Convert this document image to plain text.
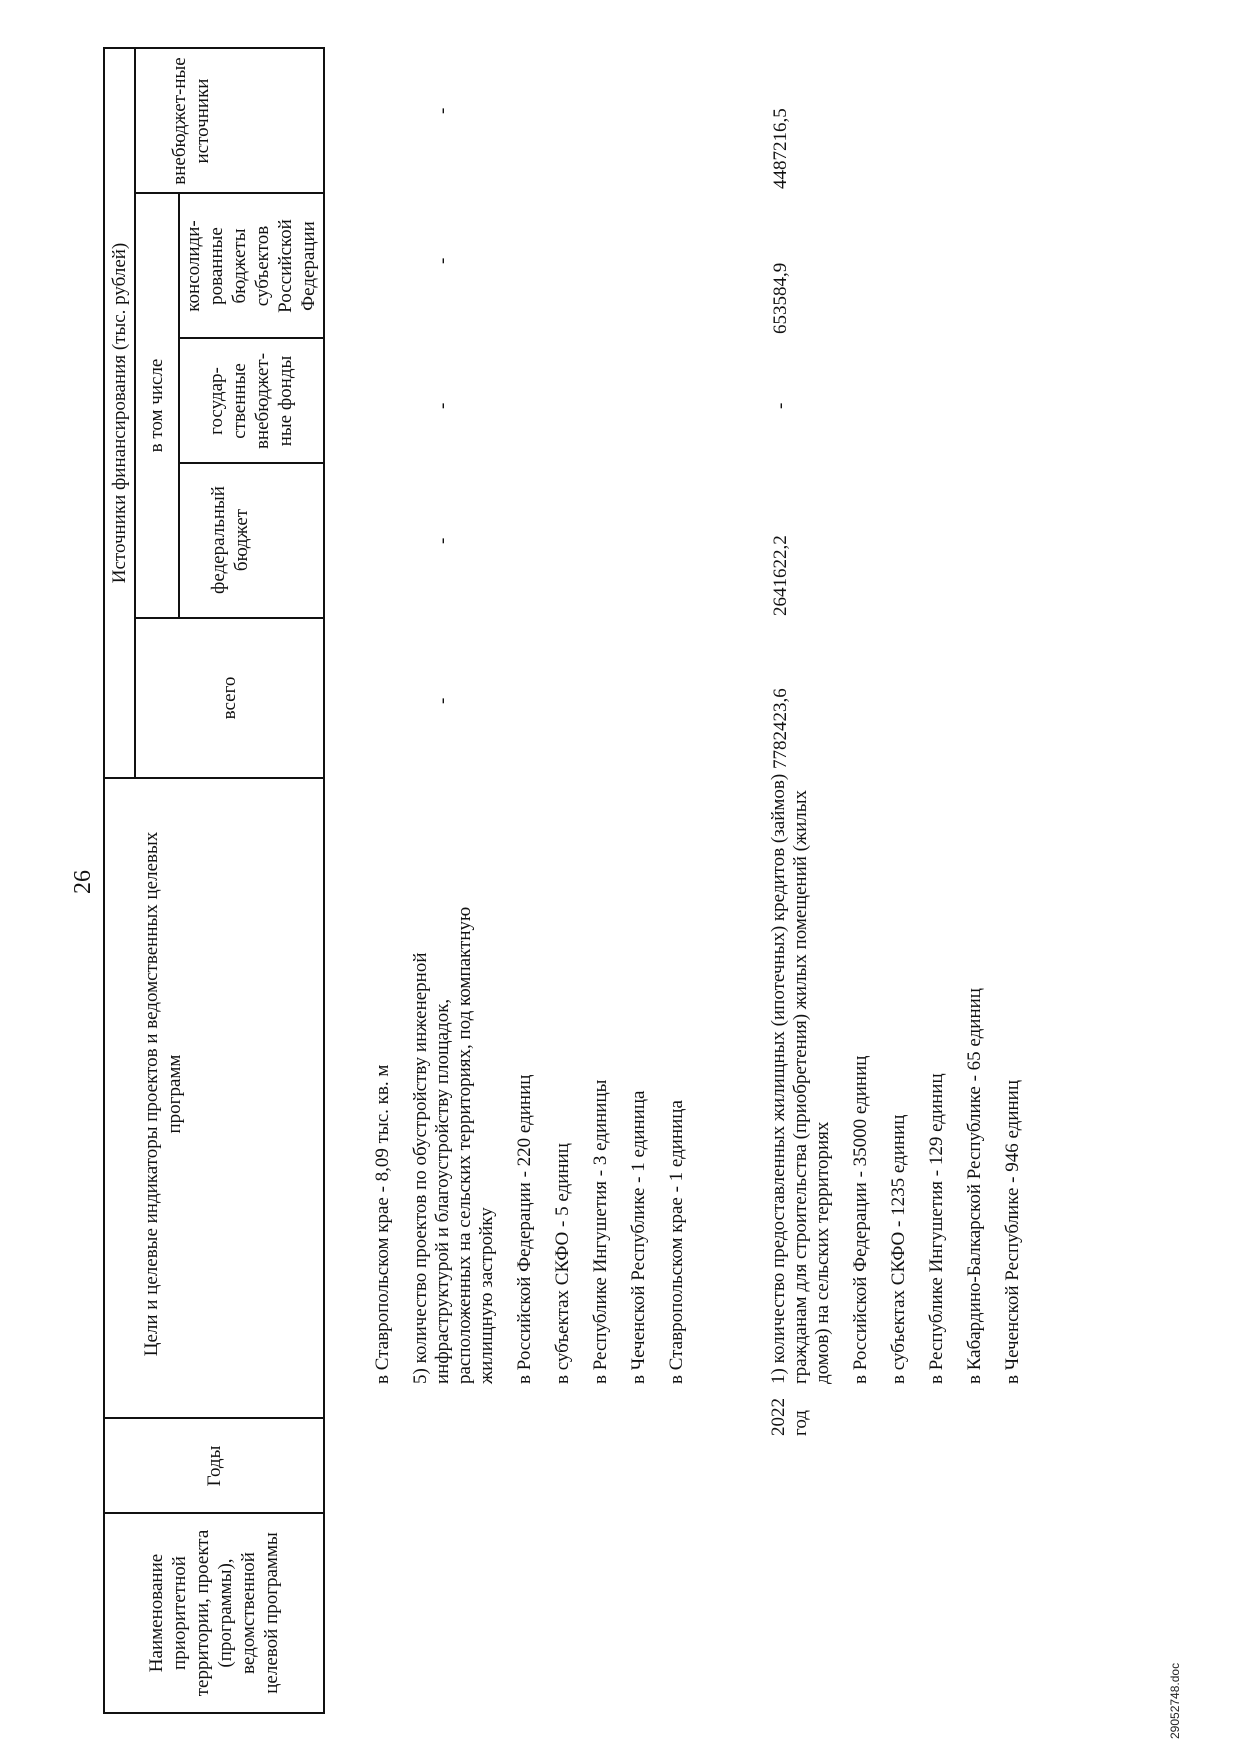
26
Наименование приоритетной территории, проекта (программы), ведомственной целевой программы
Годы
Цели и целевые индикаторы проектов и ведомственных целевых программ
Источники финансирования (тыс. рублей)
всего
в том числе
федеральный бюджет
государ-ственные внебюджет-ные фонды
консолиди-рованные бюджеты субъектов Российской Федерации
внебюджет-ные источники
в Ставропольском крае - 8,09 тыс. кв. м 5) количество проектов по обустройству инженерной инфраструктурой и благоустройству площадок, расположенных на сельских территориях, под компактную жилищную застройку в Российской Федерации - 220 единиц в субъектах СКФО - 5 единиц в Республике Ингушетия - 3 единицы в Чеченской Республике - 1 единица в Ставропольском крае - 1 единица
-
-
-
-
-
2022 год
1) количество предоставленных жилищных (ипотечных) кредитов (займов) гражданам для строительства (приобретения) жилых помещений (жилых домов) на сельских территориях в Российской Федерации - 35000 единиц в субъектах СКФО - 1235 единиц в Республике Ингушетия - 129 единиц в Кабардино-Балкарской Республике - 65 единиц в Чеченской Республике - 946 единиц
7782423,6
2641622,2
-
653584,9
4487216,5
29052748.doc
